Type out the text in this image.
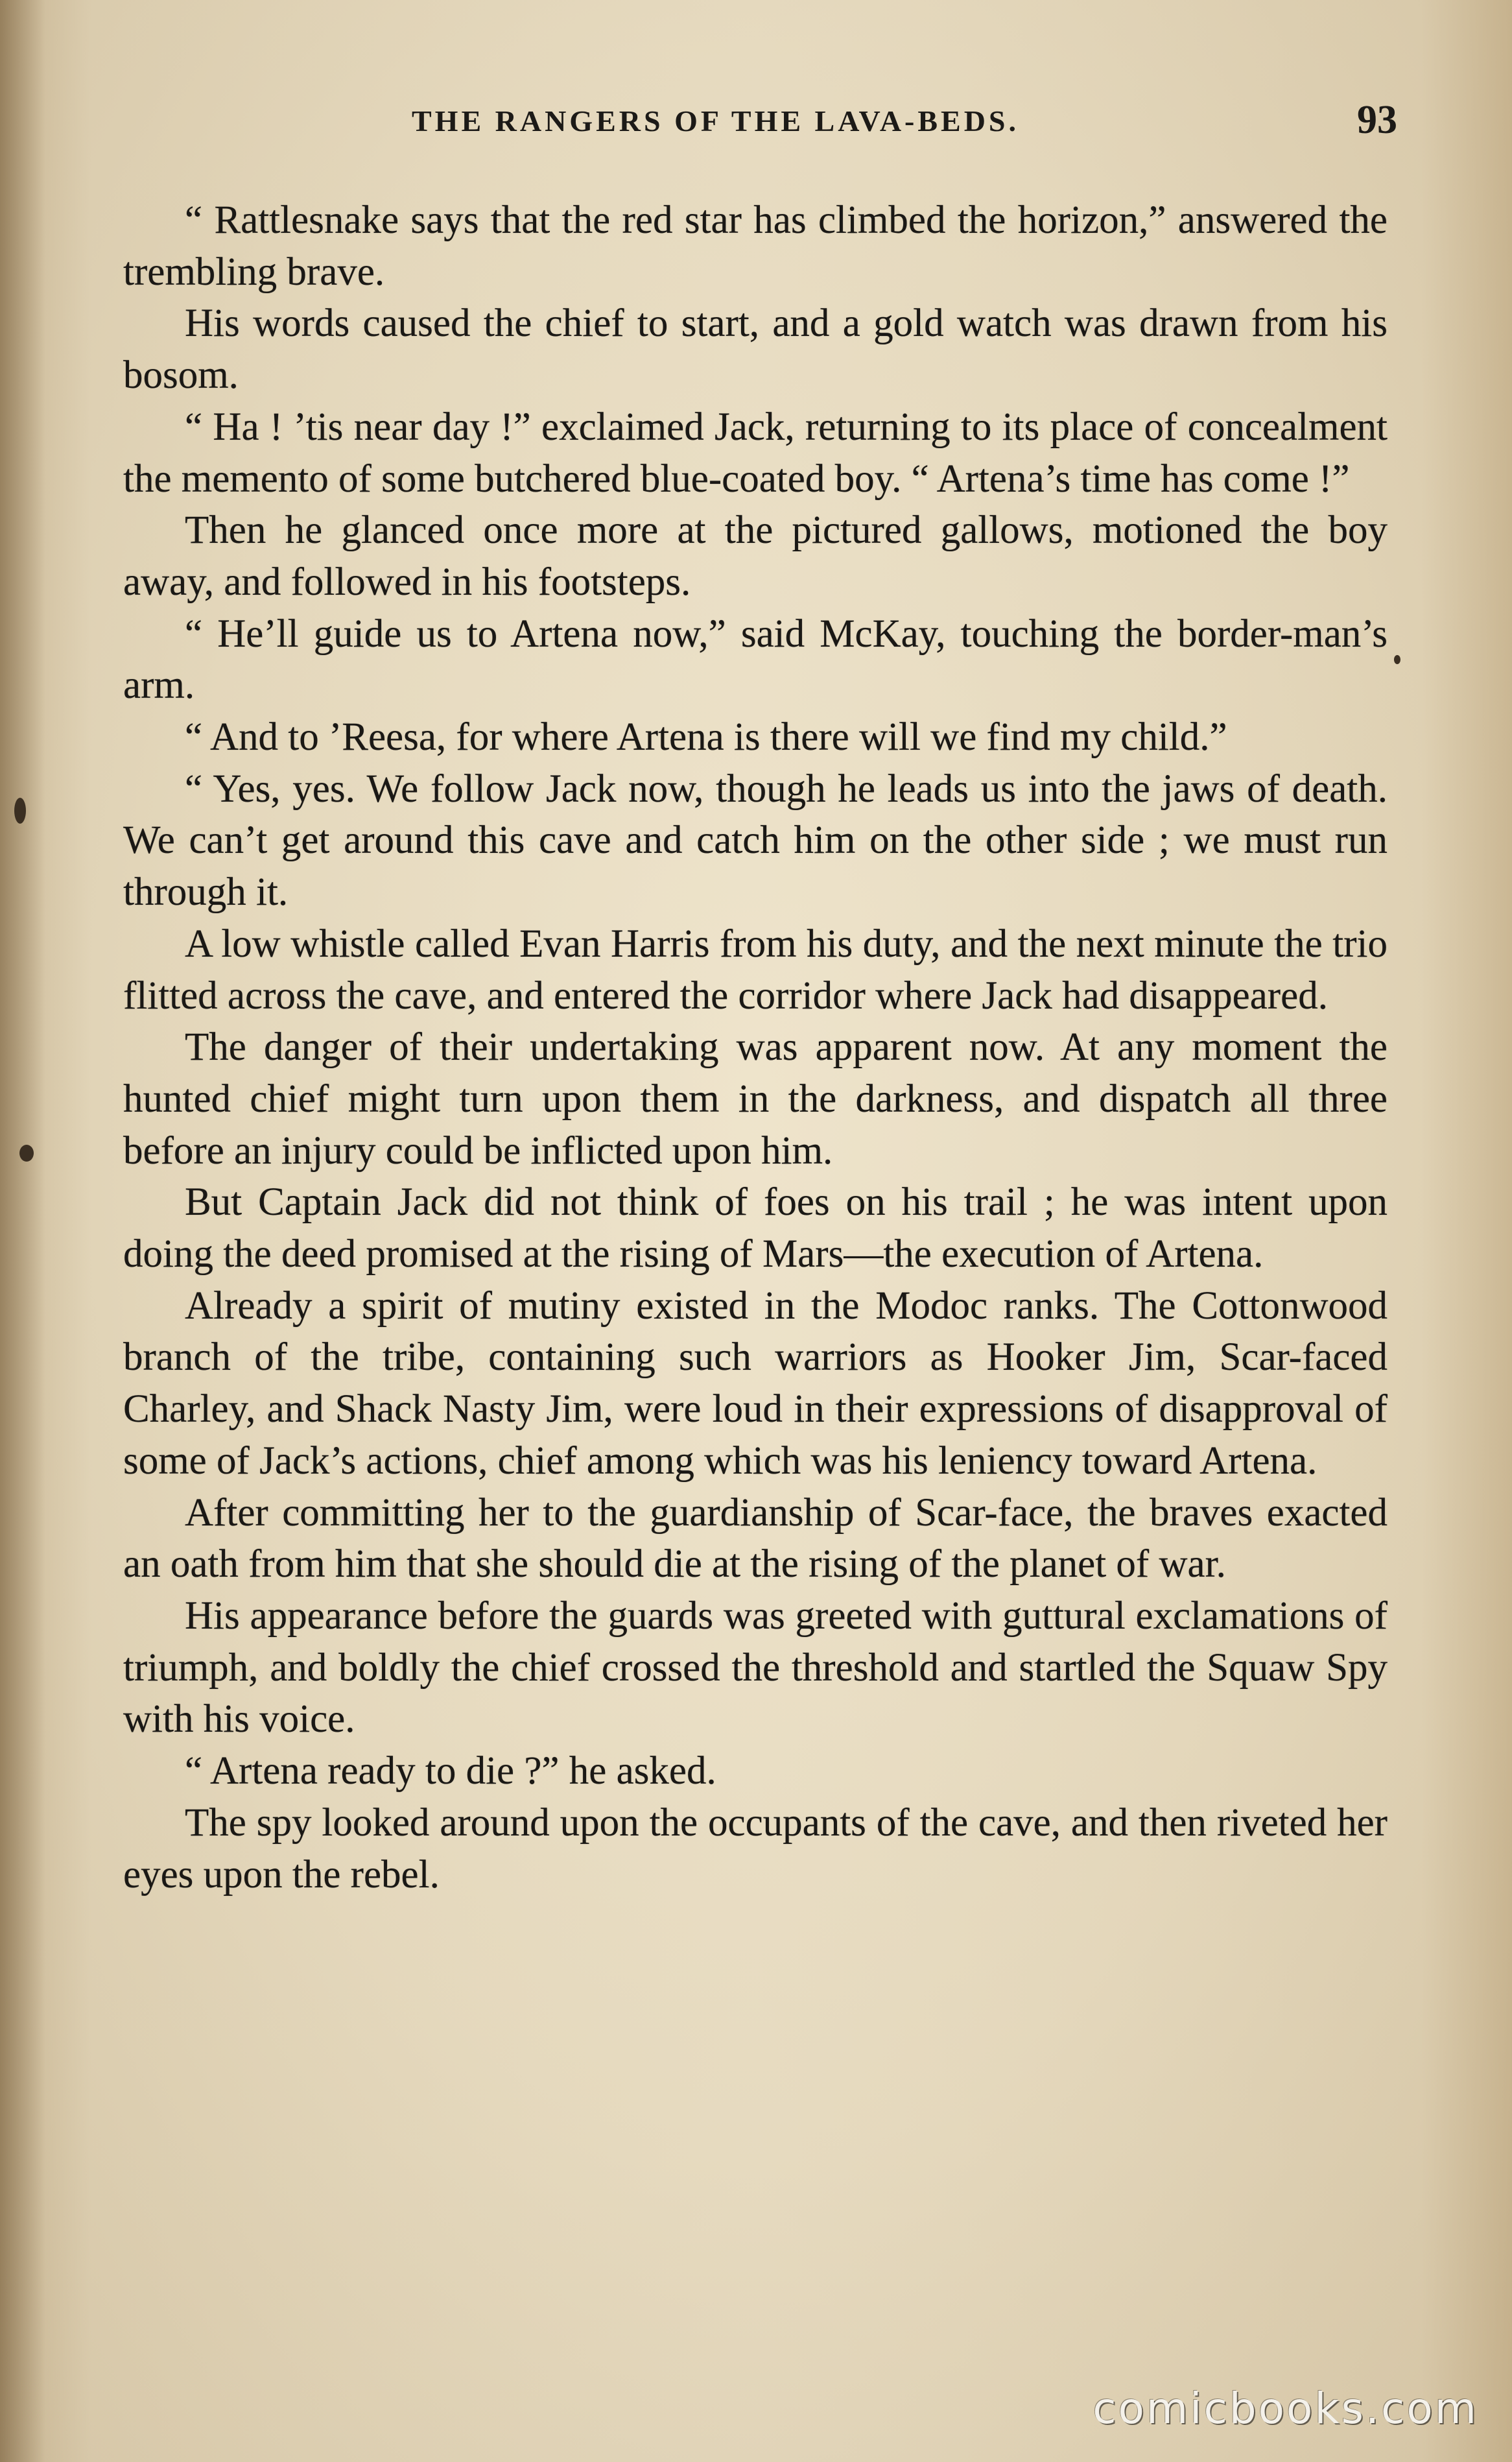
THE RANGERS OF THE LAVA-BEDS.	93

“ Rattlesnake says that the red star has climbed the horizon,” answered the trembling brave.

His words caused the chief to start, and a gold watch was drawn from his bosom.

“ Ha ! ’tis near day !” exclaimed Jack, returning to its place of concealment the memento of some butchered blue-coated boy. “ Artena’s time has come !”

Then he glanced once more at the pictured gallows, motioned the boy away, and followed in his footsteps.

“ He’ll guide us to Artena now,” said McKay, touching the border-man’s arm.

“ And to ’Reesa, for where Artena is there will we find my child.”

“ Yes, yes. We follow Jack now, though he leads us into the jaws of death. We can’t get around this cave and catch him on the other side ; we must run through it.

A low whistle called Evan Harris from his duty, and the next minute the trio flitted across the cave, and entered the corridor where Jack had disappeared.

The danger of their undertaking was apparent now. At any moment the hunted chief might turn upon them in the darkness, and dispatch all three before an injury could be inflicted upon him.

But Captain Jack did not think of foes on his trail ; he was intent upon doing the deed promised at the rising of Mars—the execution of Artena.

Already a spirit of mutiny existed in the Modoc ranks. The Cottonwood branch of the tribe, containing such warriors as Hooker Jim, Scar-faced Charley, and Shack Nasty Jim, were loud in their expressions of disapproval of some of Jack’s actions, chief among which was his leniency toward Artena.

After committing her to the guardianship of Scar-face, the braves exacted an oath from him that she should die at the rising of the planet of war.

His appearance before the guards was greeted with guttural exclamations of triumph, and boldly the chief crossed the threshold and startled the Squaw Spy with his voice.

“ Artena ready to die ?” he asked.

The spy looked around upon the occupants of the cave, and then riveted her eyes upon the rebel.

comicbooks.com
